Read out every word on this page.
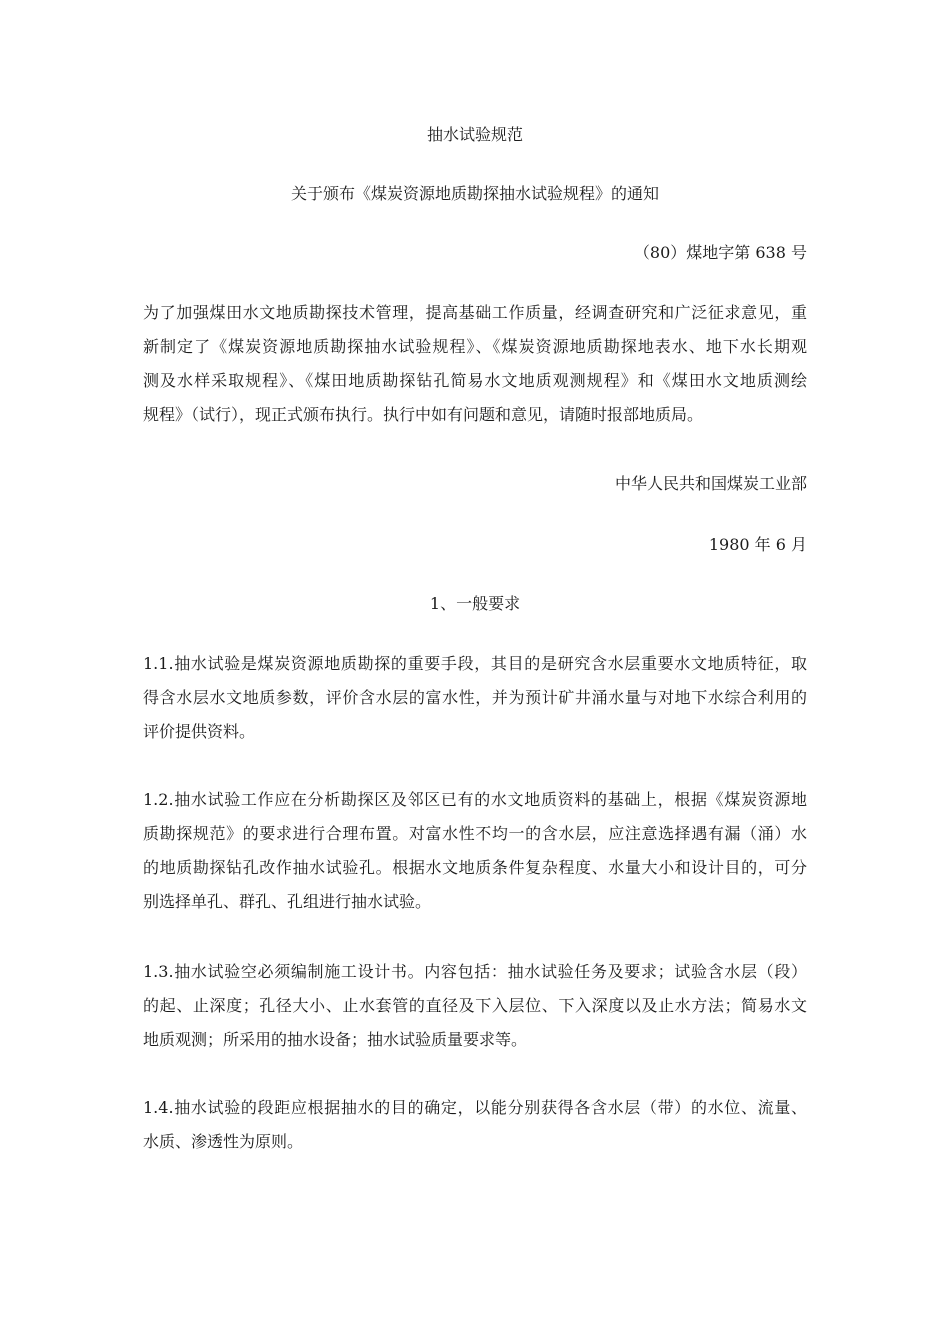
抽水试验规范
关于颁布《煤炭资源地质勘探抽水试验规程》的通知
（80）煤地字第 638 号

为了加强煤田水文地质勘探技术管理，提高基础工作质量，经调查研究和广泛征求意见，重
新制定了《煤炭资源地质勘探抽水试验规程》、《煤炭资源地质勘探地表水、地下水长期观
测及水样采取规程》、《煤田地质勘探钻孔简易水文地质观测规程》和《煤田水文地质测绘
规程》（试行），现正式颁布执行。执行中如有问题和意见，请随时报部地质局。

中华人民共和国煤炭工业部
1980 年 6 月
1、一般要求

1.1.抽水试验是煤炭资源地质勘探的重要手段，其目的是研究含水层重要水文地质特征，取
得含水层水文地质参数，评价含水层的富水性，并为预计矿井涌水量与对地下水综合利用的
评价提供资料。

1.2.抽水试验工作应在分析勘探区及邻区已有的水文地质资料的基础上，根据《煤炭资源地
质勘探规范》的要求进行合理布置。对富水性不均一的含水层，应注意选择遇有漏（涌）水
的地质勘探钻孔改作抽水试验孔。根据水文地质条件复杂程度、水量大小和设计目的，可分
别选择单孔、群孔、孔组进行抽水试验。

1.3.抽水试验空必须编制施工设计书。内容包括：抽水试验任务及要求；试验含水层（段）
的起、止深度；孔径大小、止水套管的直径及下入层位、下入深度以及止水方法；简易水文
地质观测；所采用的抽水设备；抽水试验质量要求等。

1.4.抽水试验的段距应根据抽水的目的确定，以能分别获得各含水层（带）的水位、流量、
水质、渗透性为原则。
